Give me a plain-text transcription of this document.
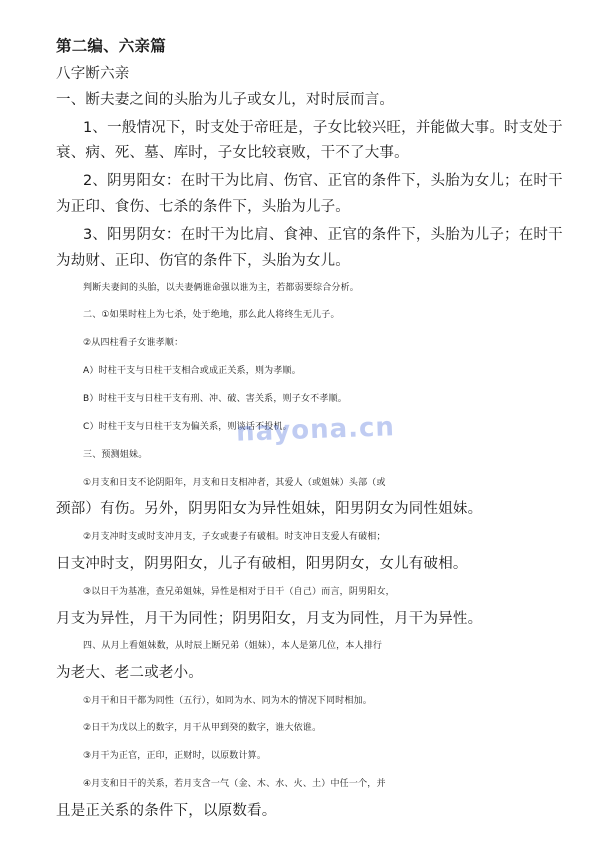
第二编、六亲篇
八字断六亲
一、断夫妻之间的头胎为儿子或女儿，对时辰而言。
1、一般情况下，时支处于帝旺是，子女比较兴旺，并能做大事。时支处于
衰、病、死、墓、库时，子女比较衰败，干不了大事。
2、阴男阳女：在时干为比肩、伤官、正官的条件下，头胎为女儿；在时干
为正印、食伤、七杀的条件下，头胎为儿子。
3、阳男阴女：在时干为比肩、食神、正官的条件下，头胎为儿子；在时干
为劫财、正印、伤官的条件下，头胎为女儿。
判断夫妻间的头胎，以夫妻俩谁命强以谁为主，若都弱要综合分析。
二、①如果时柱上为七杀，处于绝地，那么此人将终生无儿子。
②从四柱看子女谁孝顺：
A）时柱干支与日柱干支相合或成正关系，则为孝顺。
B）时柱干支与日柱干支有刑、冲、破、害关系，则子女不孝顺。
C）时柱干支与日柱干支为偏关系，则谈话不投机。
三、预测姐妹。
①月支和日支不论阴阳年，月支和日支相冲者，其爱人（或姐妹）头部（或
颈部）有伤。另外，阴男阳女为异性姐妹，阳男阴女为同性姐妹。
②月支冲时支或时支冲月支，子女或妻子有破相。时支冲日支爱人有破相；
日支冲时支，阴男阳女，儿子有破相，阳男阴女，女儿有破相。
③以日干为基准，查兄弟姐妹，异性是相对于日干（自己）而言，阴男阳女，
月支为异性，月干为同性；阴男阳女，月支为同性，月干为异性。
四、从月上看姐妹数，从时辰上断兄弟（姐妹），本人是第几位，本人排行
为老大、老二或老小。
①月干和日干都为同性（五行），如同为水、同为木的情况下同时相加。
②日干为戊以上的数字，月干从甲到癸的数字，谁大依谁。
③月干为正官，正印，正财时，以原数计算。
④月支和日干的关系，若月支含一气（金、木、水、火、土）中任一个，并
且是正关系的条件下，以原数看。
nayona.cn
